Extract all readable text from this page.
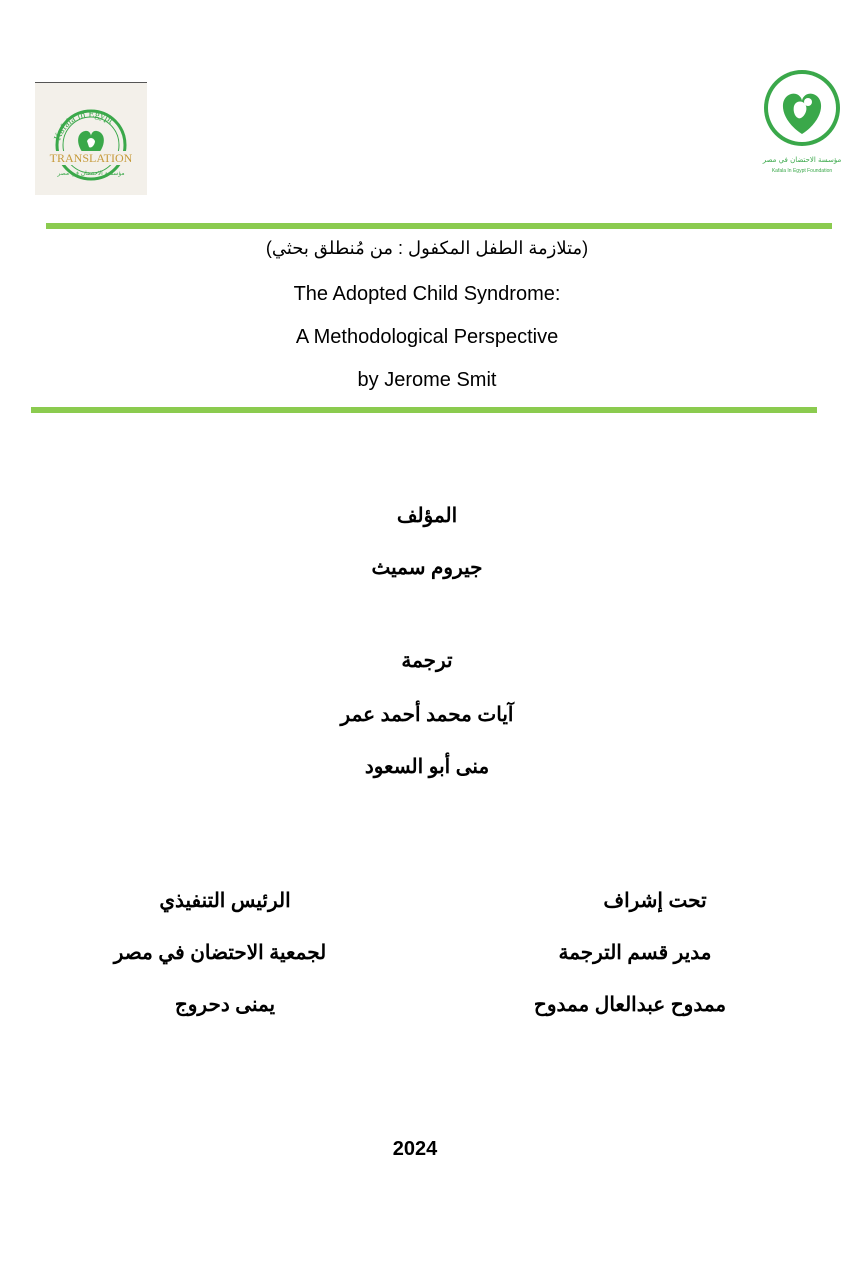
Kafala in Egypt
TRANSLATION
مؤسسة الاحتضان في مصر
مؤسسة الاحتضان في مصر
Kafala In Egypt Foundation
(متلازمة الطفل المكفول : من مُنطلق بحثي)
The Adopted Child Syndrome:
A Methodological Perspective
by Jerome Smit
المؤلف
جيروم سميث
ترجمة
آيات محمد أحمد عمر
منى أبو السعود
تحت إشراف
مدير قسم الترجمة
ممدوح عبدالعال ممدوح
الرئيس التنفيذي
لجمعية الاحتضان في مصر
يمنى دحروج
2024
